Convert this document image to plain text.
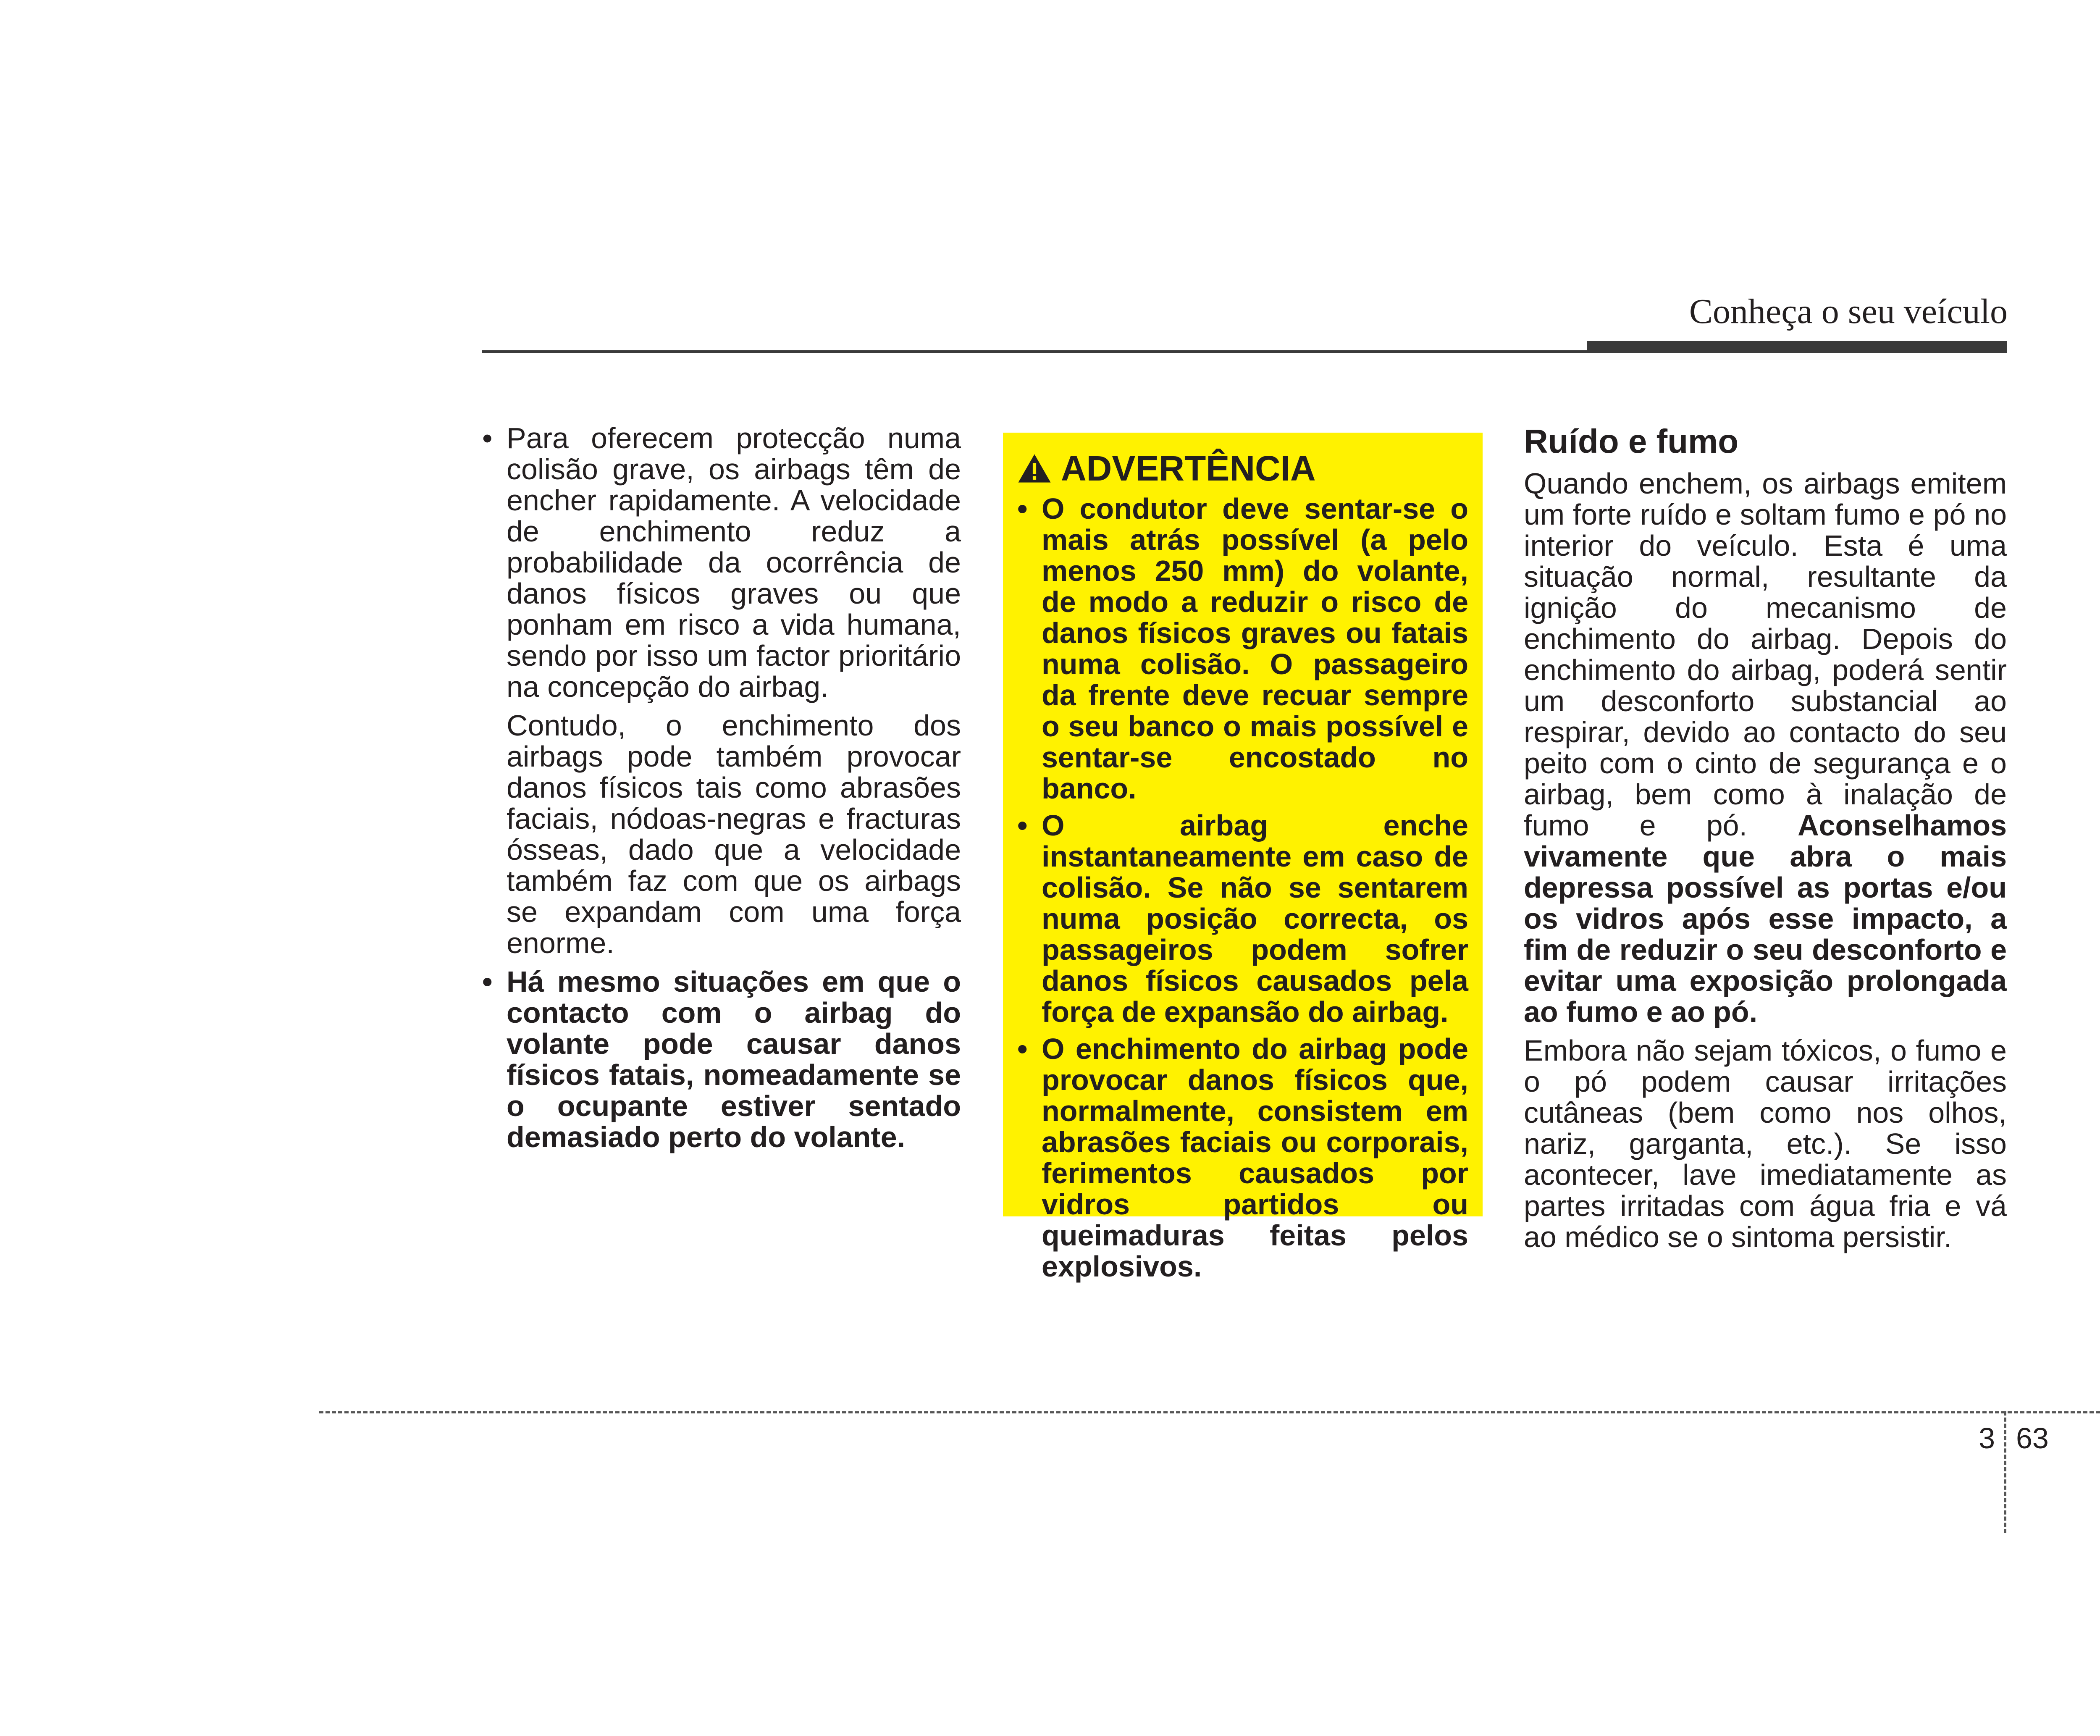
Conheça o seu veículo
• Para oferecem protecção numa colisão grave, os airbags têm de encher rapidamente. A velocidade de enchimento reduz a probabilidade da ocorrência de danos físicos graves ou que ponham em risco a vida humana, sendo por isso um factor prioritário na concepção do airbag.
Contudo, o enchimento dos airbags pode também provocar danos físicos tais como abrasões faciais, nódoas-negras e fracturas ósseas, dado que a velocidade também faz com que os airbags se expandam com uma força enorme.
• Há mesmo situações em que o contacto com o airbag do volante pode causar danos físicos fatais, nomeadamente se o ocupante estiver sentado demasiado perto do volante.
ADVERTÊNCIA
• O condutor deve sentar-se o mais atrás possível (a pelo menos 250 mm) do volante, de modo a reduzir o risco de danos físicos graves ou fatais numa colisão. O passageiro da frente deve recuar sempre o seu banco o mais possível e sentar-se encostado no banco.
• O airbag enche instantaneamente em caso de colisão. Se não se sentarem numa posição correcta, os passageiros podem sofrer danos físicos causados pela força de expansão do airbag.
• O enchimento do airbag pode provocar danos físicos que, normalmente, consistem em abrasões faciais ou corporais, ferimentos causados por vidros partidos ou queimaduras feitas pelos explosivos.
Ruído e fumo
Quando enchem, os airbags emitem um forte ruído e soltam fumo e pó no interior do veículo. Esta é uma situação normal, resultante da ignição do mecanismo de enchimento do airbag. Depois do enchimento do airbag, poderá sentir um desconforto substancial ao respirar, devido ao contacto do seu peito com o cinto de segurança e o airbag, bem como à inalação de fumo e pó. Aconselhamos vivamente que abra o mais depressa possível as portas e/ou os vidros após esse impacto, a fim de reduzir o seu desconforto e evitar uma exposição prolongada ao fumo e ao pó.
Embora não sejam tóxicos, o fumo e o pó podem causar irritações cutâneas (bem como nos olhos, nariz, garganta, etc.). Se isso acontecer, lave imediatamente as partes irritadas com água fria e vá ao médico se o sintoma persistir.
3 63
